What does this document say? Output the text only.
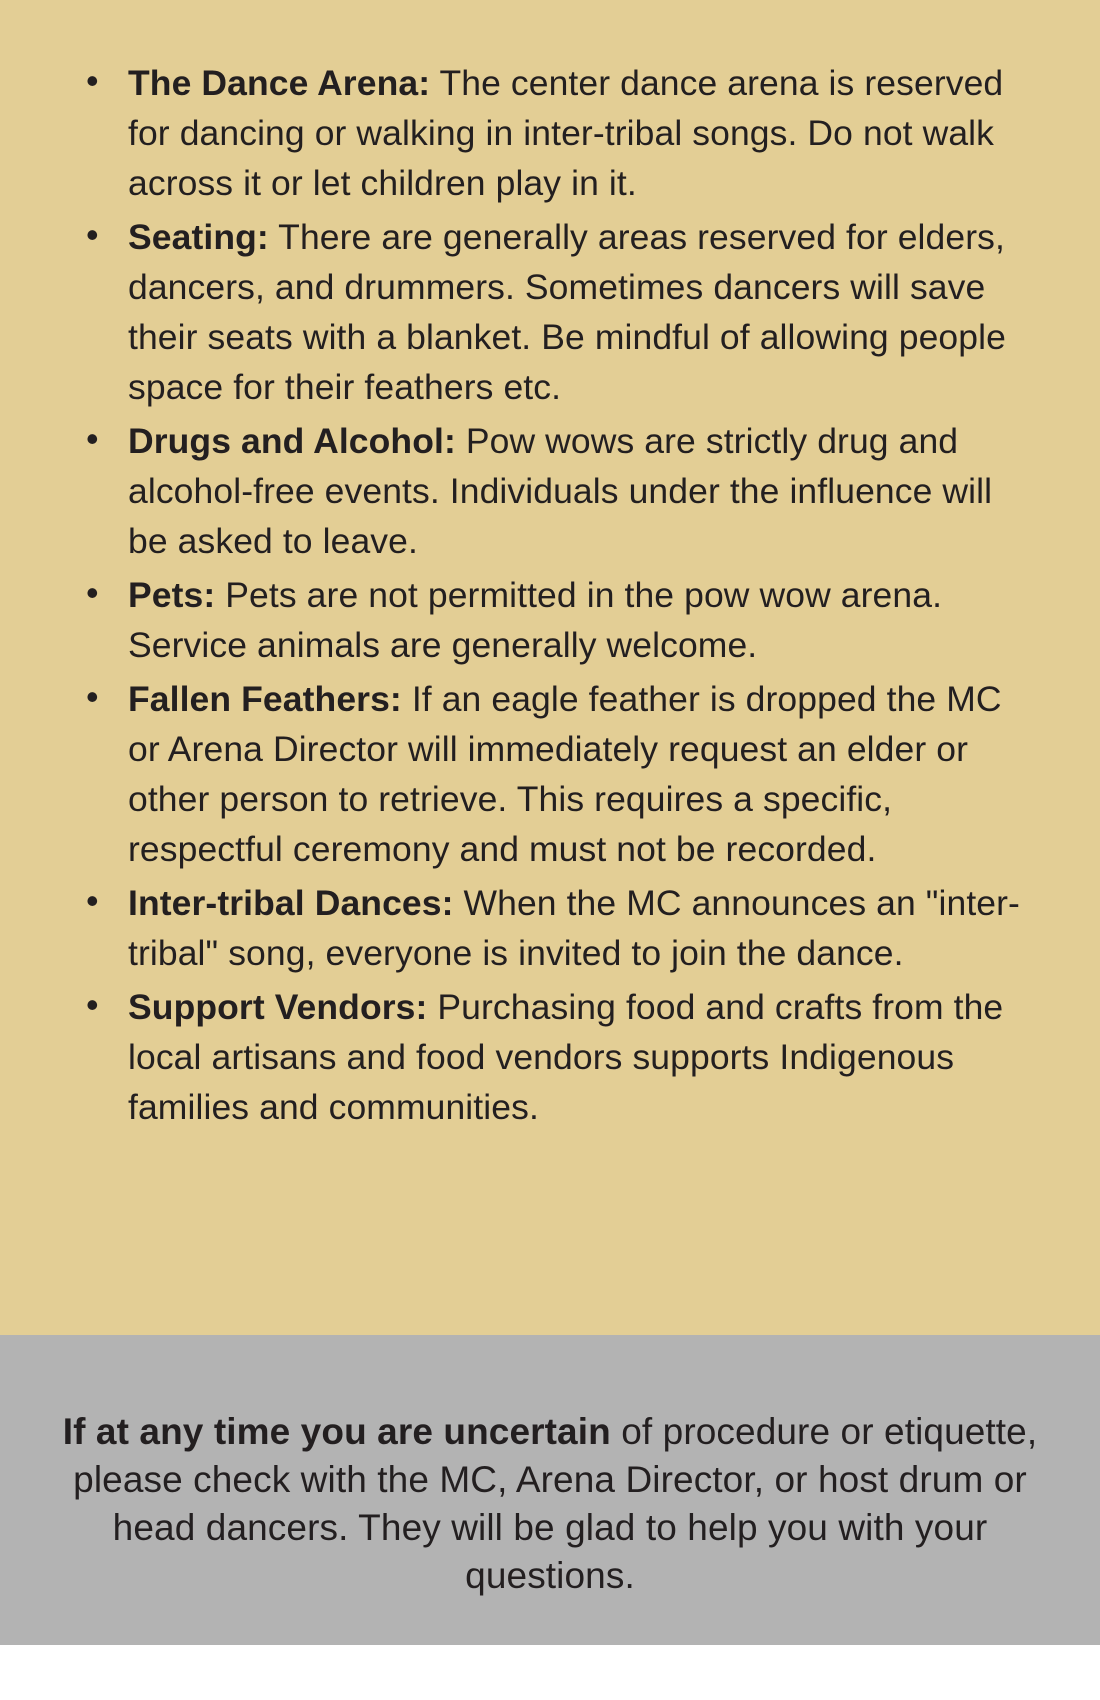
• The Dance Arena: The center dance arena is reserved for dancing or walking in inter-tribal songs. Do not walk across it or let children play in it.
• Seating: There are generally areas reserved for elders, dancers, and drummers. Sometimes dancers will save their seats with a blanket. Be mindful of allowing people space for their feathers etc.
• Drugs and Alcohol: Pow wows are strictly drug and alcohol-free events. Individuals under the influence will be asked to leave.
• Pets: Pets are not permitted in the pow wow arena. Service animals are generally welcome.
• Fallen Feathers: If an eagle feather is dropped the MC or Arena Director will immediately request an elder or other person to retrieve. This requires a specific, respectful ceremony and must not be recorded.
• Inter-tribal Dances: When the MC announces an "inter-tribal" song, everyone is invited to join the dance.
• Support Vendors: Purchasing food and crafts from the local artisans and food vendors supports Indigenous families and communities.

If at any time you are uncertain of procedure or etiquette, please check with the MC, Arena Director, or host drum or head dancers. They will be glad to help you with your questions.
